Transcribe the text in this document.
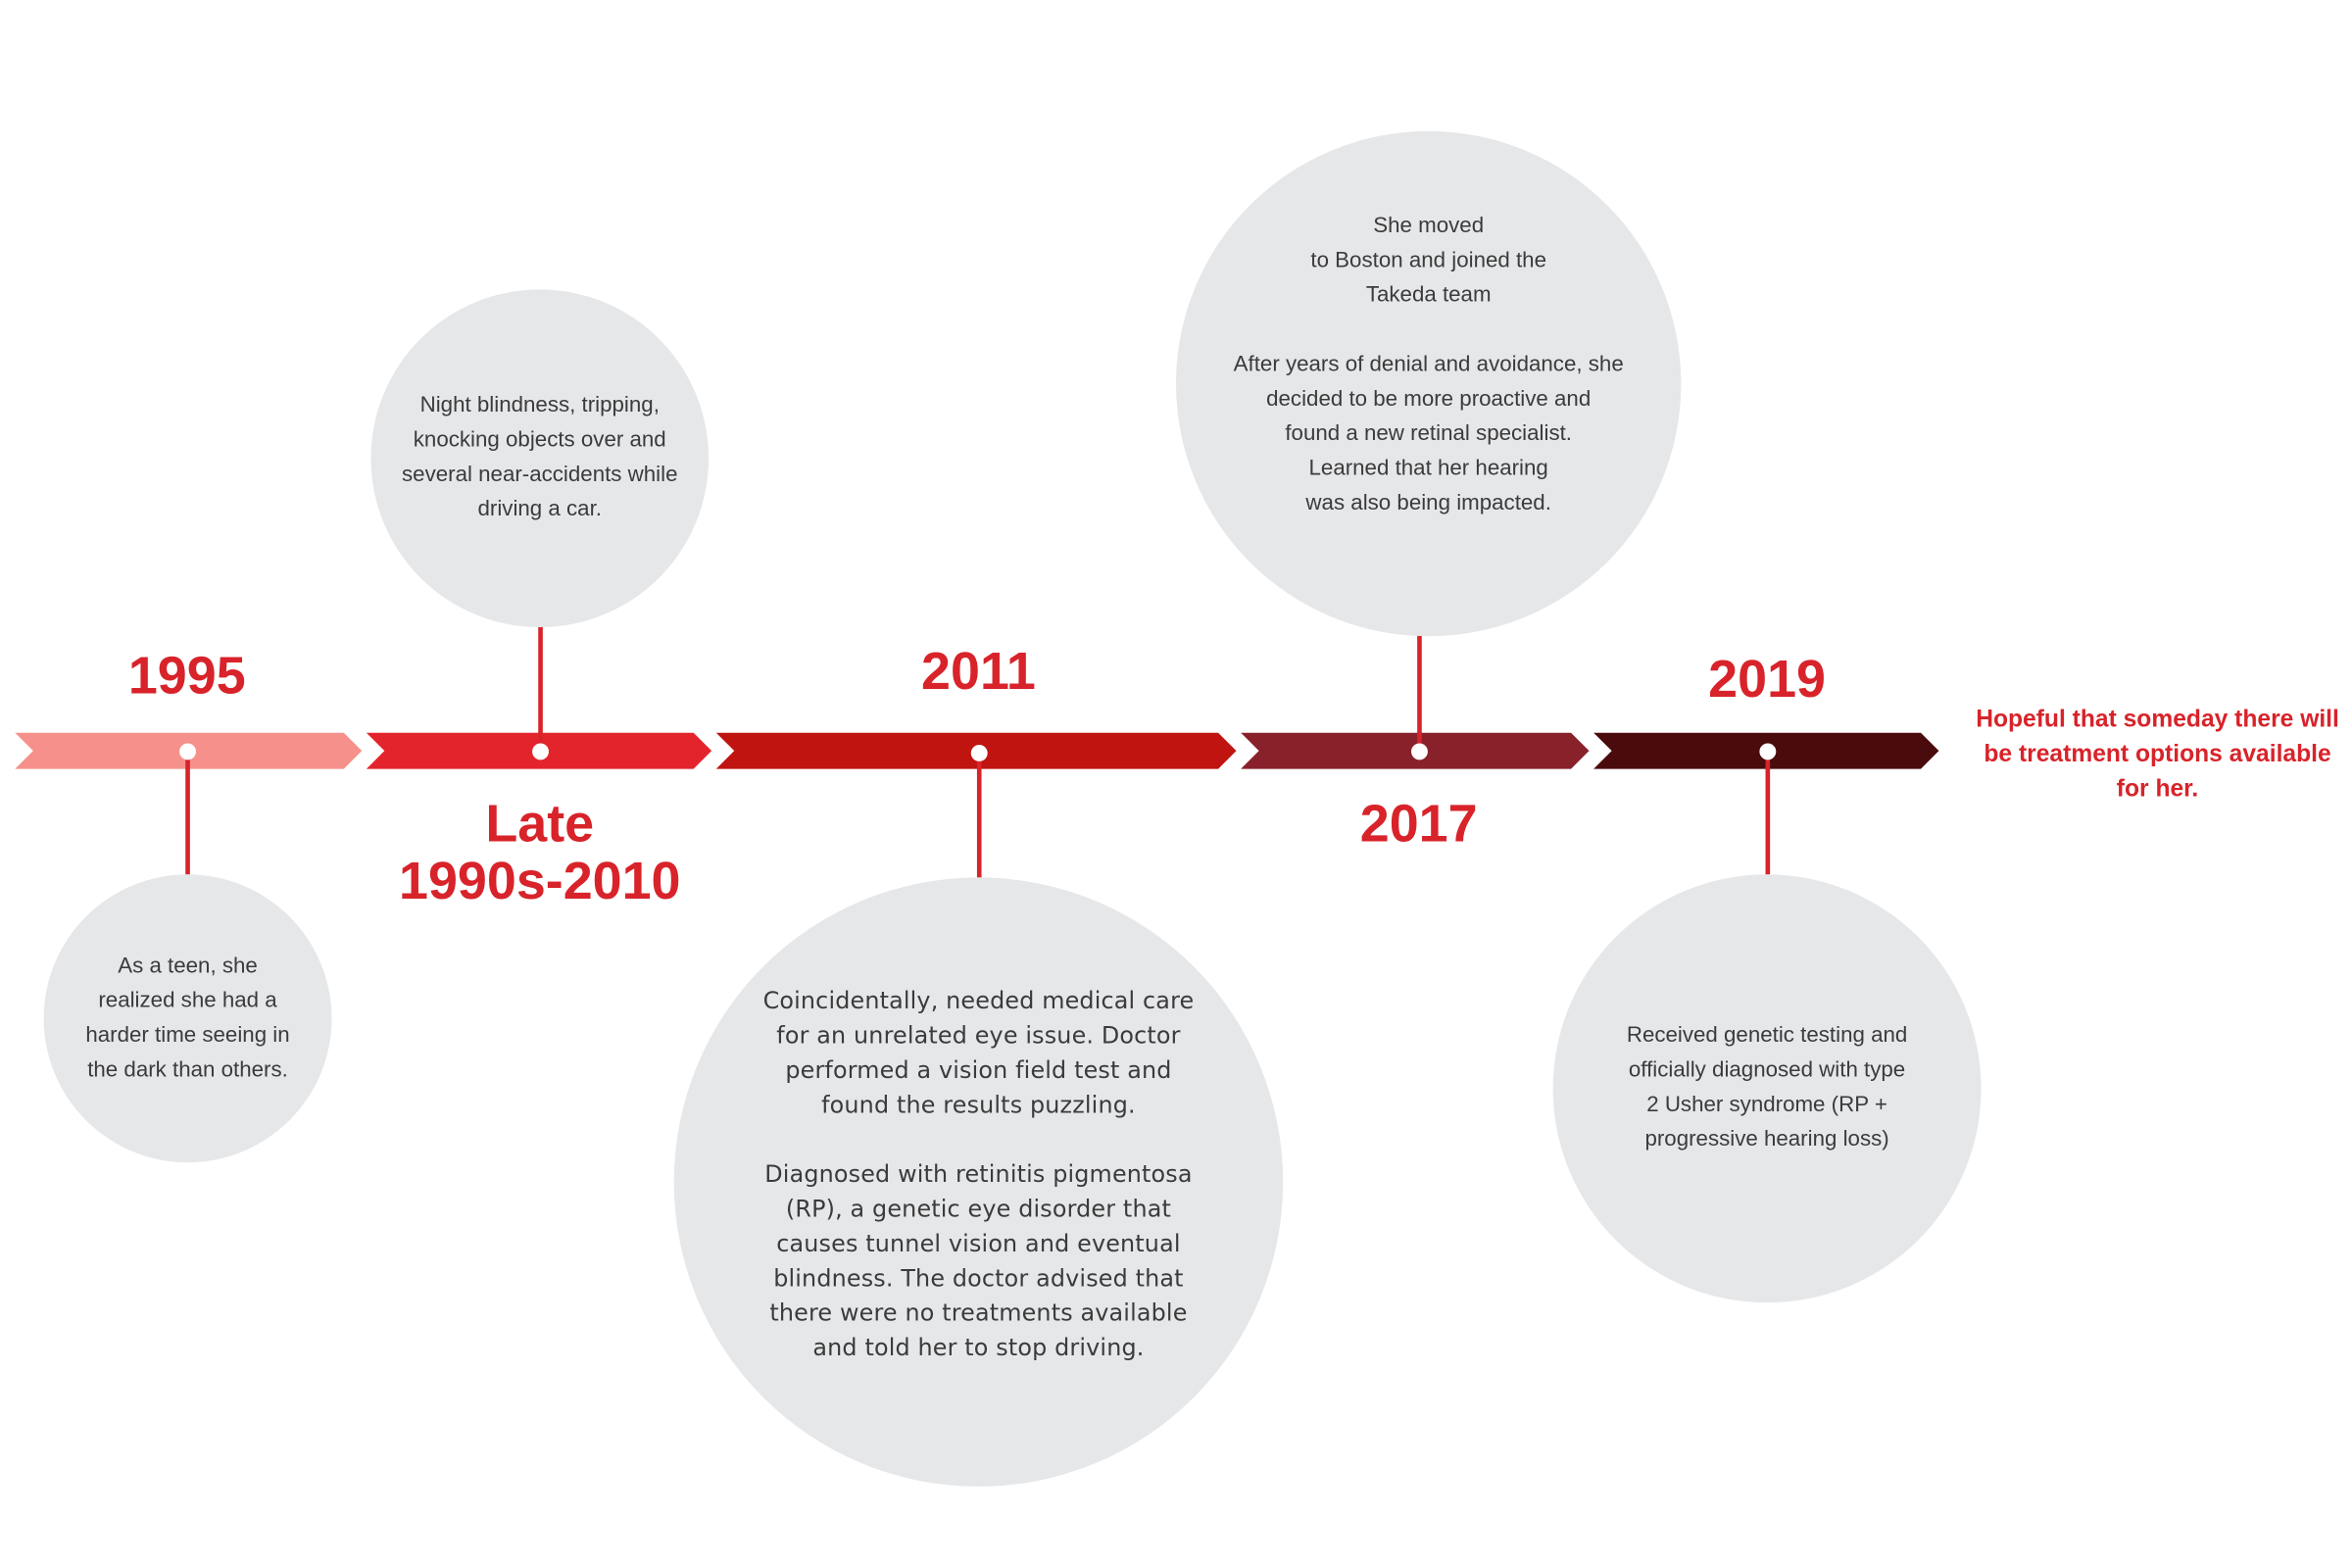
1995
Late
1990s-2010
2011
2017
2019
As a teen, she
realized she had a
harder time seeing in
the dark than others.
Night blindness, tripping,
knocking objects over and
several near-accidents while
driving a car.
Coincidentally, needed medical care
for an unrelated eye issue. Doctor
performed a vision field test and
found the results puzzling.

Diagnosed with retinitis pigmentosa
(RP), a genetic eye disorder that
causes tunnel vision and eventual
blindness. The doctor advised that
there were no treatments available
and told her to stop driving.
She moved
to Boston and joined the
Takeda team

After years of denial and avoidance, she
decided to be more proactive and
found a new retinal specialist.
Learned that her hearing
was also being impacted.
Received genetic testing and
officially diagnosed with type
2 Usher syndrome (RP +
progressive hearing loss)
Hopeful that someday there will be treatment options available for her.
